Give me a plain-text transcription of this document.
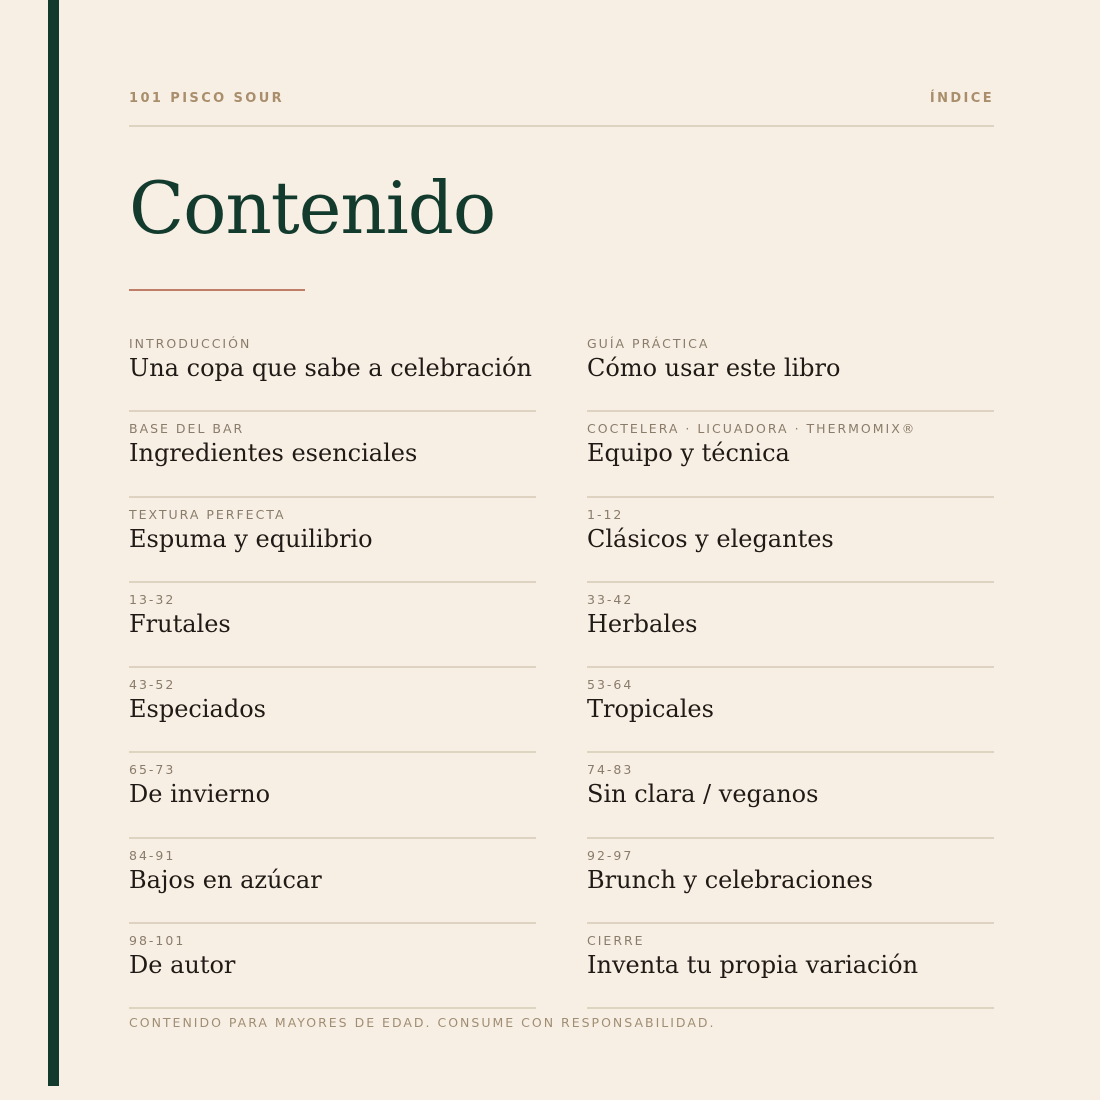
101 PISCO SOUR	ÍNDICE
Contenido
INTRODUCCIÓN
Una copa que sabe a celebración
GUÍA PRÁCTICA
Cómo usar este libro
BASE DEL BAR
Ingredientes esenciales
COCTELERA · LICUADORA · THERMOMIX®
Equipo y técnica
TEXTURA PERFECTA
Espuma y equilibrio
1-12
Clásicos y elegantes
13-32
Frutales
33-42
Herbales
43-52
Especiados
53-64
Tropicales
65-73
De invierno
74-83
Sin clara / veganos
84-91
Bajos en azúcar
92-97
Brunch y celebraciones
98-101
De autor
CIERRE
Inventa tu propia variación
CONTENIDO PARA MAYORES DE EDAD. CONSUME CON RESPONSABILIDAD.
